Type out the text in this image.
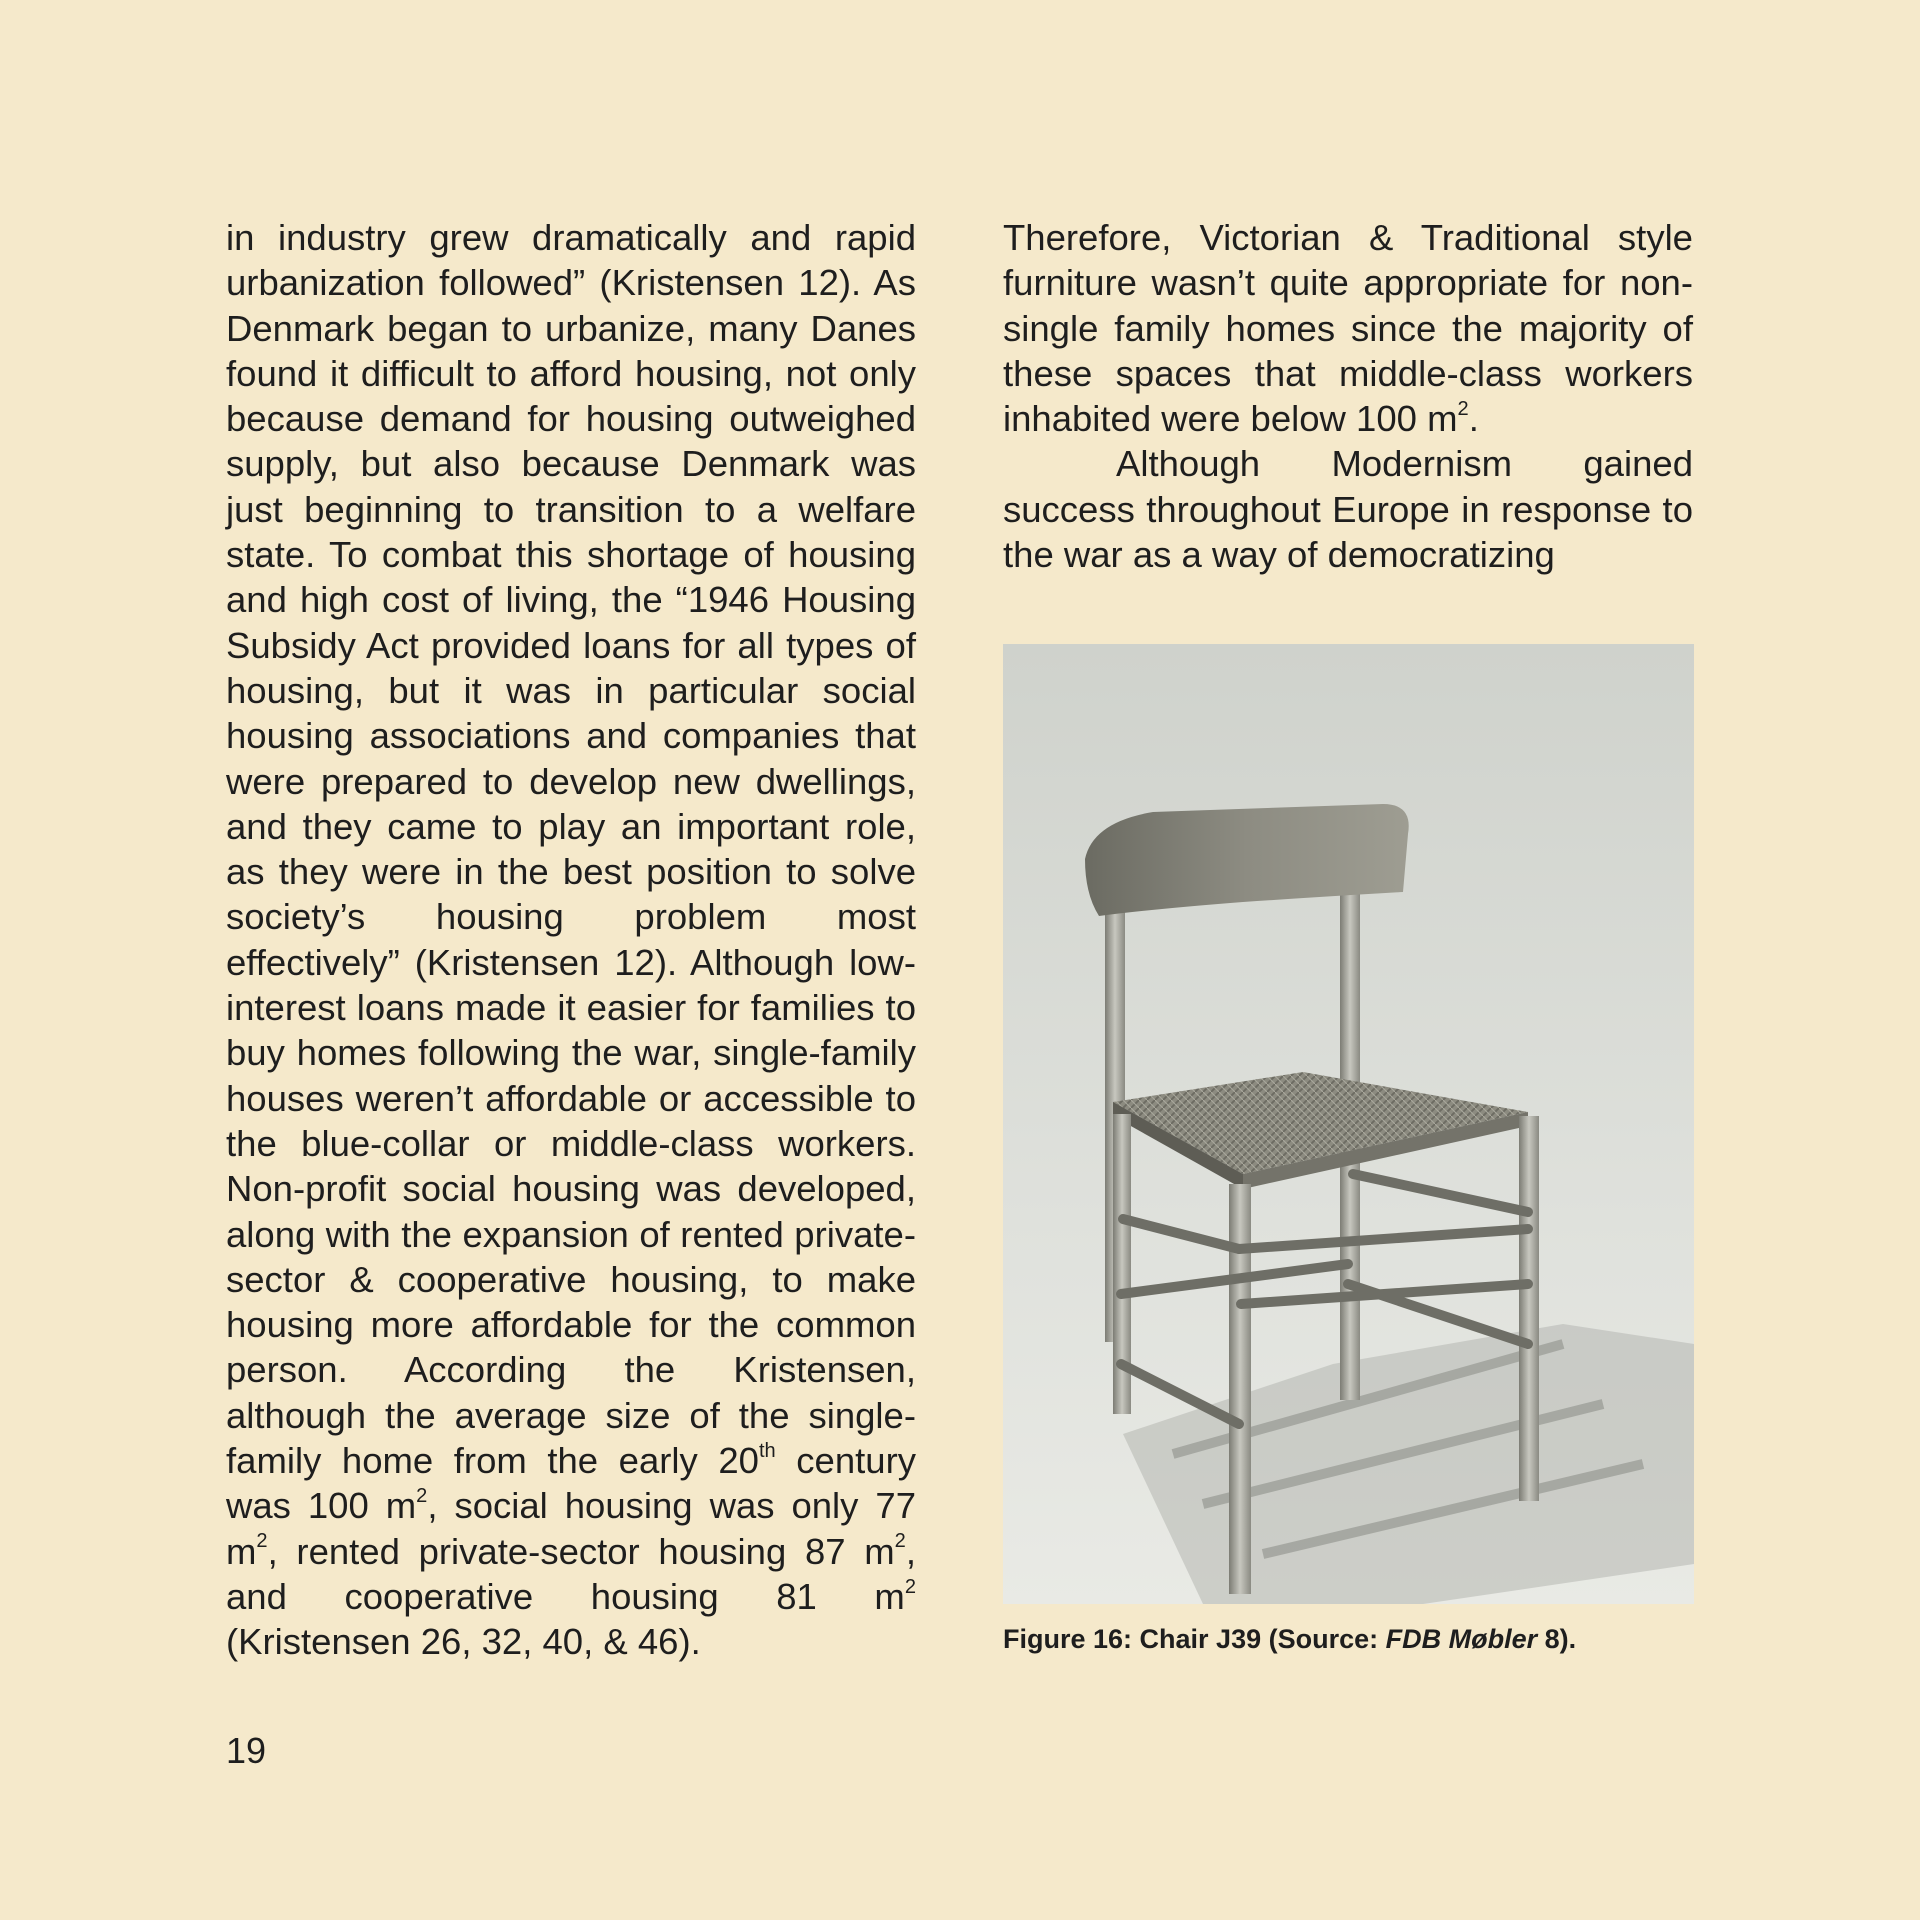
in industry grew dramatically and rapid urbanization followed” (Kristensen 12). As Denmark began to urbanize, many Danes found it difficult to afford housing, not only because demand for housing outweighed supply, but also because Denmark was just beginning to transition to a welfare state. To combat this shortage of housing and high cost of living, the “1946 Housing Subsidy Act provided loans for all types of housing, but it was in particular social housing associations and companies that were prepared to develop new dwellings, and they came to play an important role, as they were in the best position to solve society’s housing problem most effectively” (Kristensen 12). Although low-interest loans made it easier for families to buy homes following the war, single-family houses weren’t affordable or accessible to the blue-collar or middle-class workers. Non-profit social housing was developed, along with the expansion of rented private-sector & cooperative housing, to make housing more affordable for the common person. According the Kristensen, although the average size of the single-family home from the early 20th century was 100 $m^2$, social housing was only 77 $m^2$, rented private-sector housing 87 $m^2$, and cooperative housing 81 $m^2$ (Kristensen 26, 32, 40, & 46).

Therefore, Victorian & Traditional style furniture wasn’t quite appropriate for non-single family homes since the majority of these spaces that middle-class workers inhabited were below 100 $m^2$.

Although Modernism gained success throughout Europe in response to the war as a way of democratizing

Figure 16: Chair J39 (Source: FDB Møbler 8).
19
